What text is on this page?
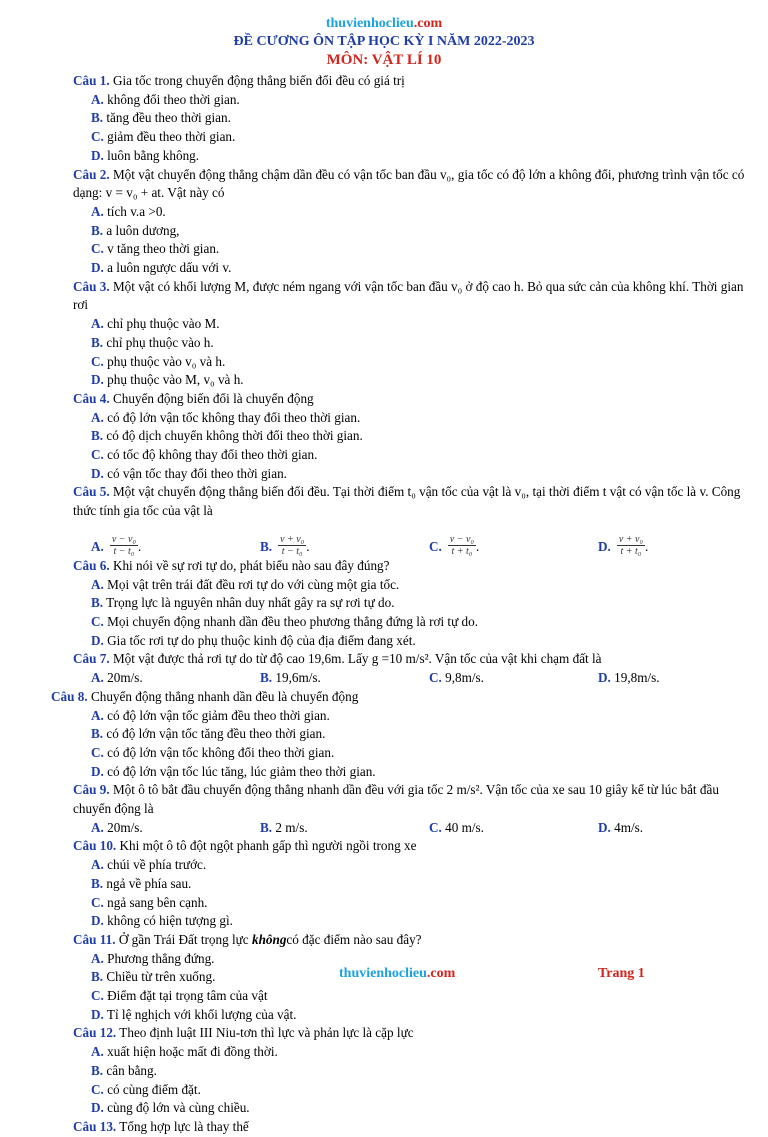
thuvienhoclieu.com
ĐỀ CƯƠNG ÔN TẬP HỌC KỲ I NĂM 2022-2023
MÔN: VẬT LÍ 10
Câu 1. Gia tốc trong chuyển động thẳng biến đổi đều có giá trị
A. không đổi theo thời gian.
B. tăng đều theo thời gian.
C. giảm đều theo thời gian.
D. luôn bằng không.
Câu 2. Một vật chuyển động thẳng chậm dần đều có vận tốc ban đầu v₀, gia tốc có độ lớn a không đổi, phương trình vận tốc có dạng: v = v₀ + at. Vật này có
A. tích v.a >0.
B. a luôn dương,
C. v tăng theo thời gian.
D. a luôn ngược dấu với v.
Câu 3. Một vật có khối lượng M, được ném ngang với vận tốc ban đầu v₀ ở độ cao h. Bỏ qua sức cản của không khí. Thời gian rơi
A. chỉ phụ thuộc vào M.
B. chỉ phụ thuộc vào h.
C. phụ thuộc vào v₀ và h.
D. phụ thuộc vào M, v₀ và h.
Câu 4. Chuyển động biến đổi là chuyển động
A. có độ lớn vận tốc không thay đổi theo thời gian.
B. có độ dịch chuyển không thời đổi theo thời gian.
C. có tốc độ không thay đổi theo thời gian.
D. có vận tốc thay đổi theo thời gian.
Câu 5. Một vật chuyển động thẳng biến đổi đều. Tại thời điểm t₀ vận tốc của vật là v₀, tại thời điểm t vật có vận tốc là v. Công thức tính gia tốc của vật là
A. $\frac{\text{v − v₀}}{\text{t − t₀}}$ .	B. $\frac{\text{v + v₀}}{\text{t − t₀}}$ .	C. $\frac{\text{v − v₀}}{\text{t + t₀}}$ .	D. $\frac{\text{v + v₀}}{\text{t + t₀}}$ .
Câu 6. Khi nói về sự rơi tự do, phát biểu nào sau đây đúng?
A. Mọi vật trên trái đất đều rơi tự do với cùng một gia tốc.
B. Trọng lực là nguyên nhân duy nhất gây ra sự rơi tự do.
C. Mọi chuyển động nhanh dần đều theo phương thẳng đứng là rơi tự do.
D. Gia tốc rơi tự do phụ thuộc kinh độ của địa điểm đang xét.
Câu 7. Một vật được thả rơi tự do từ độ cao 19,6m. Lấy g =10 m/s². Vận tốc của vật khi chạm đất là
A. 20m/s.	B. 19,6m/s.	C. 9,8m/s.	D. 19,8m/s.
Câu 8. Chuyển động thẳng nhanh dần đều là chuyển động
A. có độ lớn vận tốc giảm đều theo thời gian.
B. có độ lớn vận tốc tăng đều theo thời gian.
C. có độ lớn vận tốc không đổi theo thời gian.
D. có độ lớn vận tốc lúc tăng, lúc giảm theo thời gian.
Câu 9. Một ô tô bắt đầu chuyển động thẳng nhanh dần đều với gia tốc 2 m/s². Vận tốc của xe sau 10 giây kể từ lúc bắt đầu chuyển động là
A. 20m/s.	B. 2 m/s.	C. 40 m/s.	D. 4m/s.
Câu 10. Khi một ô tô đột ngột phanh gấp thì người ngồi trong xe
A. chúi về phía trước.
B. ngả về phía sau.
C. ngả sang bên cạnh.
D. không có hiện tượng gì.
Câu 11. Ở gần Trái Đất trọng lực khôngcó đặc điểm nào sau đây?
A. Phương thẳng đứng.
B. Chiều từ trên xuống.
C. Điểm đặt tại trọng tâm của vật
D. Tỉ lệ nghịch với khối lượng của vật.
Câu 12. Theo định luật III Niu-tơn thì lực và phản lực là cặp lực
A. xuất hiện hoặc mất đi đồng thời.
B. cân bằng.
C. có cùng điểm đặt.
D. cùng độ lớn và cùng chiều.
Câu 13. Tổng hợp lực là thay thế
thuvienhoclieu.com	Trang 1
